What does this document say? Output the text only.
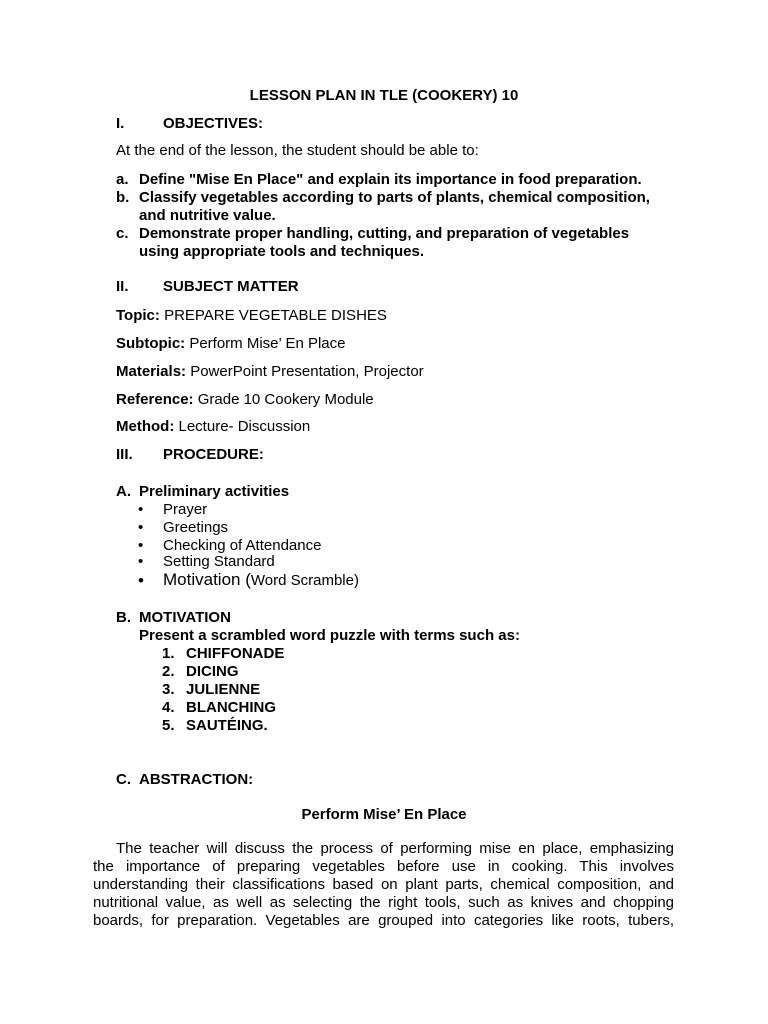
LESSON PLAN IN TLE (COOKERY) 10
I.	OBJECTIVES:
At the end of the lesson, the student should be able to:
a. Define "Mise En Place" and explain its importance in food preparation.
b. Classify vegetables according to parts of plants, chemical composition,
and nutritive value.
c. Demonstrate proper handling, cutting, and preparation of vegetables
using appropriate tools and techniques.
II. SUBJECT MATTER
Topic: PREPARE VEGETABLE DISHES
Subtopic: Perform Mise’ En Place
Materials: PowerPoint Presentation, Projector
Reference: Grade 10 Cookery Module
Method: Lecture- Discussion
III. PROCEDURE:
A. Preliminary activities
• Prayer
• Greetings
• Checking of Attendance
• Setting Standard
• Motivation (Word Scramble)
B. MOTIVATION
Present a scrambled word puzzle with terms such as:
1. CHIFFONADE
2. DICING
3. JULIENNE
4. BLANCHING
5. SAUTÉING.
C. ABSTRACTION:
Perform Mise’ En Place
The teacher will discuss the process of performing mise en place, emphasizing
the importance of preparing vegetables before use in cooking. This involves
understanding their classifications based on plant parts, chemical composition, and
nutritional value, as well as selecting the right tools, such as knives and chopping
boards, for preparation. Vegetables are grouped into categories like roots, tubers,
